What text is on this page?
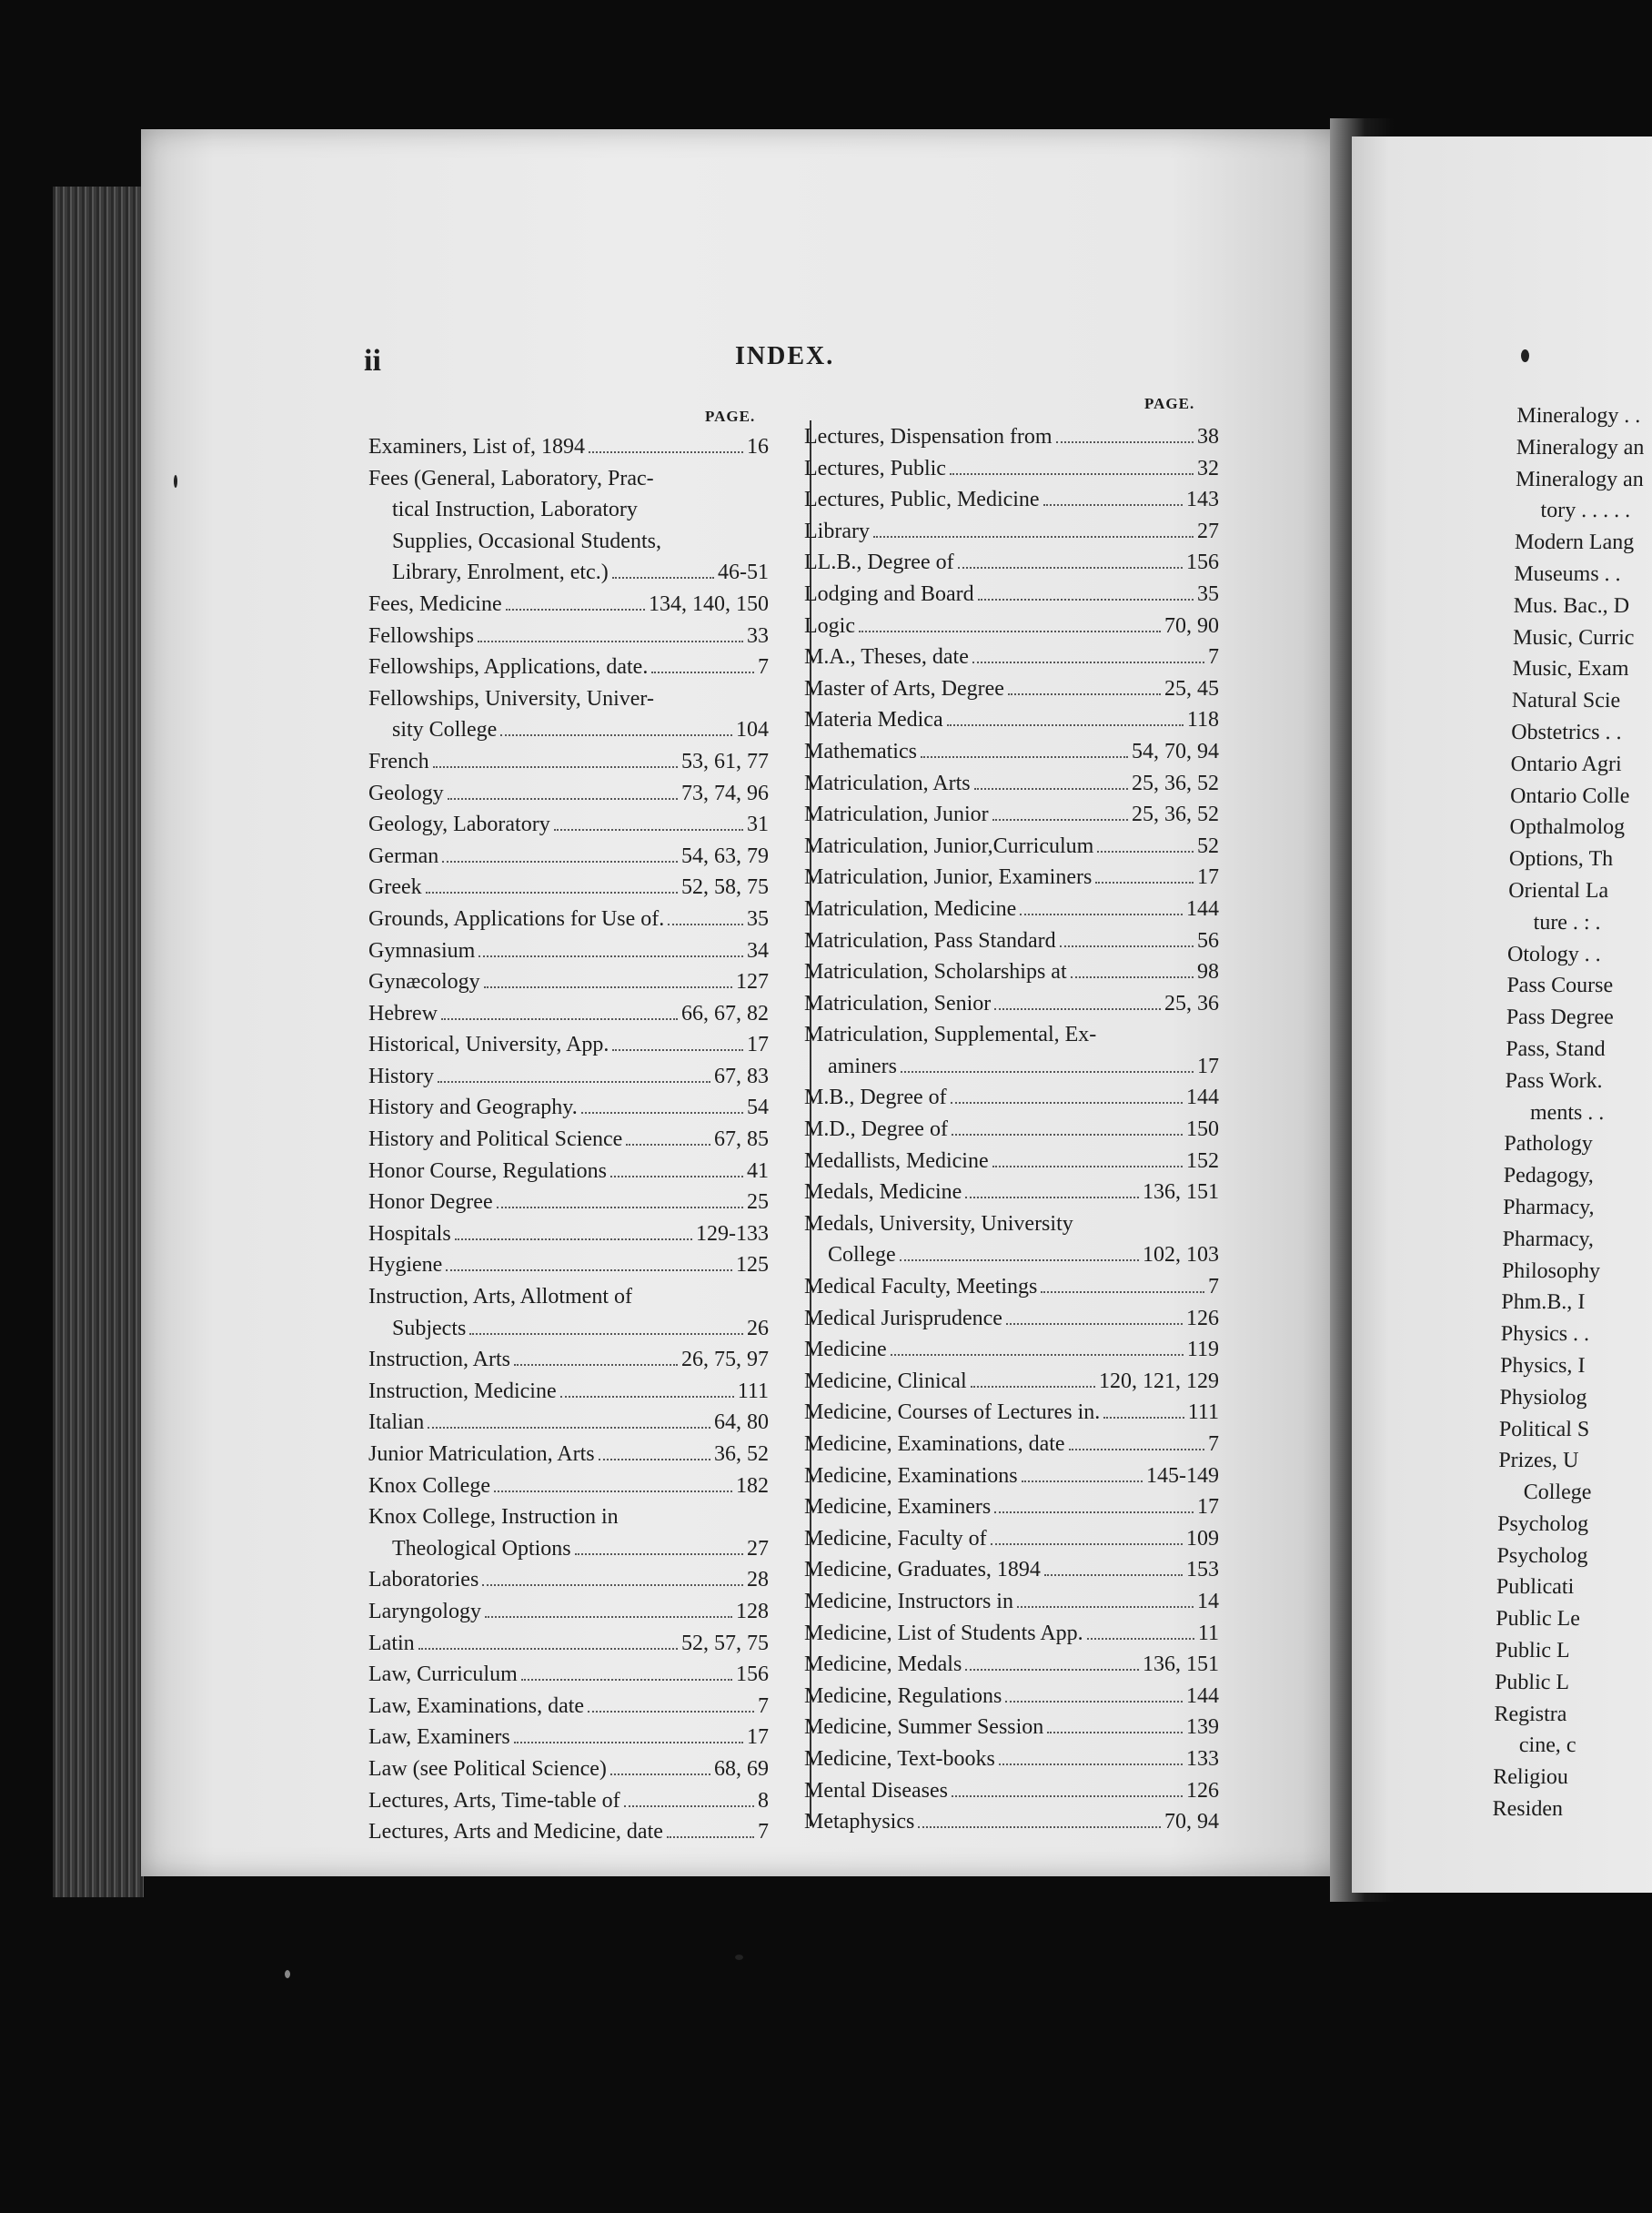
ii	INDEX.
PAGE.
PAGE.
Examiners, List of, 1894	16
Fees (General, Laboratory, Prac-
tical Instruction, Laboratory
Supplies, Occasional Students,
Library, Enrolment, etc.)	46-51
Fees, Medicine	134, 140, 150
Fellowships	33
Fellowships, Applications, date.	7
Fellowships, University, Univer-
sity College	104
French	53, 61, 77
Geology	73, 74, 96
Geology, Laboratory	31
German	54, 63, 79
Greek	52, 58, 75
Grounds, Applications for Use of.	35
Gymnasium	34
Gynæcology	127
Hebrew	66, 67, 82
Historical, University, App.	17
History	67, 83
History and Geography.	54
History and Political Science	67, 85
Honor Course, Regulations	41
Honor Degree	25
Hospitals	129-133
Hygiene	125
Instruction, Arts, Allotment of
Subjects	26
Instruction, Arts	26, 75, 97
Instruction, Medicine	111
Italian	64, 80
Junior Matriculation, Arts	36, 52
Knox College	182
Knox College, Instruction in
Theological Options	27
Laboratories	28
Laryngology	128
Latin	52, 57, 75
Law, Curriculum	156
Law, Examinations, date	7
Law, Examiners	17
Law (see Political Science)	68, 69
Lectures, Arts, Time-table of	8
Lectures, Arts and Medicine, date	7
Lectures, Dispensation from	38
Lectures, Public	32
Lectures, Public, Medicine	143
Library	27
LL.B., Degree of	156
Lodging and Board	35
Logic	70, 90
M.A., Theses, date	7
Master of Arts, Degree	25, 45
Materia Medica	118
Mathematics	54, 70, 94
Matriculation, Arts	25, 36, 52
Matriculation, Junior	25, 36, 52
Matriculation, Junior,Curriculum	52
Matriculation, Junior, Examiners	17
Matriculation, Medicine	144
Matriculation, Pass Standard	56
Matriculation, Scholarships at	98
Matriculation, Senior	25, 36
Matriculation, Supplemental, Ex-
aminers	17
M.B., Degree of	144
M.D., Degree of	150
Medallists, Medicine	152
Medals, Medicine	136, 151
Medals, University, University
College	102, 103
Medical Faculty, Meetings	7
Medical Jurisprudence	126
Medicine	119
Medicine, Clinical	120, 121, 129
Medicine, Courses of Lectures in.	111
Medicine, Examinations, date	7
Medicine, Examinations	145-149
Medicine, Examiners	17
Medicine, Faculty of	109
Medicine, Graduates, 1894	153
Medicine, Instructors in	14
Medicine, List of Students App.	11
Medicine, Medals	136, 151
Medicine, Regulations	144
Medicine, Summer Session	139
Medicine, Text-books	133
Mental Diseases	126
Metaphysics	70, 94
Mineralogy . .
Mineralogy an
Mineralogy an
tory . . . . .
Modern Lang
Museums . .
Mus. Bac., D
Music, Curric
Music, Exam
Natural Scie
Obstetrics . .
Ontario Agri
Ontario Colle
Opthalmolog
Options, Th
Oriental La
ture . : .
Otology . .
Pass Course
Pass Degree
Pass, Stand
Pass Work.
ments . .
Pathology
Pedagogy,
Pharmacy,
Pharmacy,
Philosophy
Phm.B., I
Physics . .
Physics, I
Physiolog
Political S
Prizes, U
College
Psycholog
Psycholog
Publicati
Public Le
Public L
Public L
Registra
cine, c
Religiou
Residen
